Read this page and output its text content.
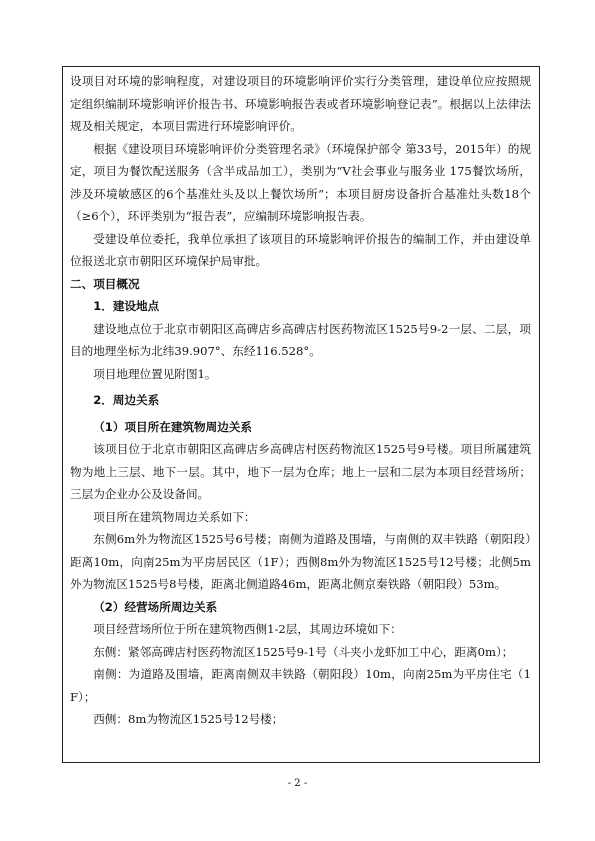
设项目对环境的影响程度，对建设项目的环境影响评价实行分类管理，建设单位应按照规定组织编制环境影响评价报告书、环境影响报告表或者环境影响登记表”。根据以上法律法规及相关规定，本项目需进行环境影响评价。

根据《建设项目环境影响评价分类管理名录》（环境保护部令 第33号，2015年）的规定，项目为餐饮配送服务（含半成品加工），类别为“V社会事业与服务业 175餐饮场所，涉及环境敏感区的6个基准灶头及以上餐饮场所”；本项目厨房设备折合基准灶头数18个（≥6个），环评类别为“报告表”，应编制环境影响报告表。

受建设单位委托，我单位承担了该项目的环境影响评价报告的编制工作，并由建设单位报送北京市朝阳区环境保护局审批。

二、项目概况

1．建设地点

建设地点位于北京市朝阳区高碑店乡高碑店村医药物流区1525号9-2一层、二层，项目的地理坐标为北纬39.907°、东经116.528°。

项目地理位置见附图1。

2．周边关系

（1）项目所在建筑物周边关系

该项目位于北京市朝阳区高碑店乡高碑店村医药物流区1525号9号楼。项目所属建筑物为地上三层、地下一层。其中，地下一层为仓库；地上一层和二层为本项目经营场所；三层为企业办公及设备间。

项目所在建筑物周边关系如下：

东侧6m外为物流区1525号6号楼；南侧为道路及围墙，与南侧的双丰铁路（朝阳段）距离10m，向南25m为平房居民区（1F）；西侧8m外为物流区1525号12号楼；北侧5m外为物流区1525号8号楼，距离北侧道路46m，距离北侧京秦铁路（朝阳段）53m。

（2）经营场所周边关系

项目经营场所位于所在建筑物西侧1-2层，其周边环境如下：

东侧：紧邻高碑店村医药物流区1525号9-1号（斗夹小龙虾加工中心，距离0m）；

南侧：为道路及围墙，距离南侧双丰铁路（朝阳段）10m，向南25m为平房住宅（1F）；

西侧：8m为物流区1525号12号楼；

- 2 -
